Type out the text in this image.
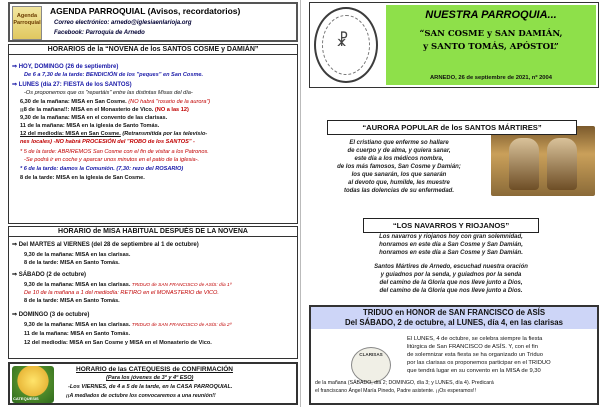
Agenda Parroquial
AGENDA PARROQUIAL (Avisos, recordatorios)
Correo electrónico: arnedo@iglesiaenlarioja.org
Facebook: Parroquia de Arnedo
HORARIOS de la “NOVENA de los SANTOS COSME y DAMIÁN”
⇒ HOY, DOMINGO (26 de septiembre)
De 6 a 7,30 de la tarde: BENDICIÓN de los "peques" en San Cosme.
⇒ LUNES (día 27: FIESTA de los SANTOS)
-Os proponemos que os "repartáis" entre las distintas Misas del día-
6,30 de la mañana: MISA en San Cosme. (NO habrá "rosario de la aurora")
¡¡8 de la mañana!!: MISA en el Monasterio de Vico. (NO a las 12)
9,30 de la mañana: MISA en el convento de las clarisas.
11 de la mañana: MISA en la iglesia de Santo Tomás.
12 del mediodía: MISA en San Cosme. (Retransmitida por las televisio-
nes locales) -NO habrá PROCESIÓN del "ROBO de los SANTOS" -
* 5 de la tarde: ABRIREMOS San Cosme con el fin de visitar a los Patronos.
-Se podrá ir en coche y aparcar unos minutos en el patio de la iglesia-.
* 6 de la tarde: damos la Comunión. (7,30: rezo del ROSARIO)
8 de la tarde: MISA en la iglesia de San Cosme.
HORARIO de MISA HABITUAL DESPUÉS DE LA NOVENA
⇒ Del MARTES al VIERNES (del 28 de septiembre al 1 de octubre)
9,30 de la mañana: MISA en las clarisas.
8 de la tarde: MISA en Santo Tomás.
⇒ SÁBADO (2 de octubre)
9,30 de la mañana: MISA en las clarisas. TRIDUO de SAN FRANCISCO de ASÍS: día 1º
De 10 de la mañana a 1 del mediodía: RETIRO en el MONASTERIO de VICO.
8 de la tarde: MISA en Santo Tomás.
⇒ DOMINGO (3 de octubre)
9,30 de la mañana: MISA en las clarisas. TRIDUO de SAN FRANCISCO de ASÍS: día 2º
11 de la mañana: MISA en Santo Tomás.
12 del mediodía: MISA en San Cosme y MISA en el Monasterio de Vico.
CATEQUESIS
HORARIO de las CATEQUESIS de CONFIRMACIÓN
(Para los jóvenes de 3º y 4º ESO)
-Los VIERNES, de 4 a 5 de la tarde, en la CASA PARROQUIAL.
¡¡A mediados de octubre los convocaremos a una reunión!!
☧
NUESTRA PARROQUIA...
“SAN COSME y SAN DAMIÁN,
y SANTO TOMÁS, APÓSTOL”
ARNEDO, 26 de septiembre de 2021, nº 2004
“AURORA POPULAR de los SANTOS MÁRTIRES”
El cristiano que enferme so hallare
de cuerpo y de alma, y quiera sanar,
este día a los médicos nombra,
de los más famosos, San Cosme y Damián;
los que sanarán, los que sanarán
al devoto que, humilde, les muestre
todas las dolencias de su enfermedad.
“LOS NAVARROS Y RIOJANOS”
Los navarros y riojanos hoy con gran solemnidad,
honramos en este día a San Cosme y San Damián,
honramos en este día a San Cosme y San Damián.
Santos Mártires de Arnedo, escuchad nuestra oración
y guiadnos por la senda, y guiadnos por la senda
del camino de la Gloria que nos lleve junto a Dios,
del camino de la Gloria que nos lleve junto a Dios.
TRIDUO en HONOR de SAN FRANCISCO de ASÍS
Del SÁBADO, 2 de octubre, al LUNES, día 4, en las clarisas
CLARISAS
El LUNES, 4 de octubre, se celebra siempre la fiesta
litúrgica de San FRANCISCO de ASÍS. Y, con el fin
de solemnizar esta fiesta se ha organizado un Triduo
por las clarisas os proponemos participar en el TRIDUO
que tendrá lugar en su convento en la MISA de 9,30
de la mañana (SÁBADO, día 2; DOMINGO, día 3; y LUNES, día 4). Predicará
el franciscano Ángel María Pinedo, Padre asistente. ¡¡Os esperamos!!
